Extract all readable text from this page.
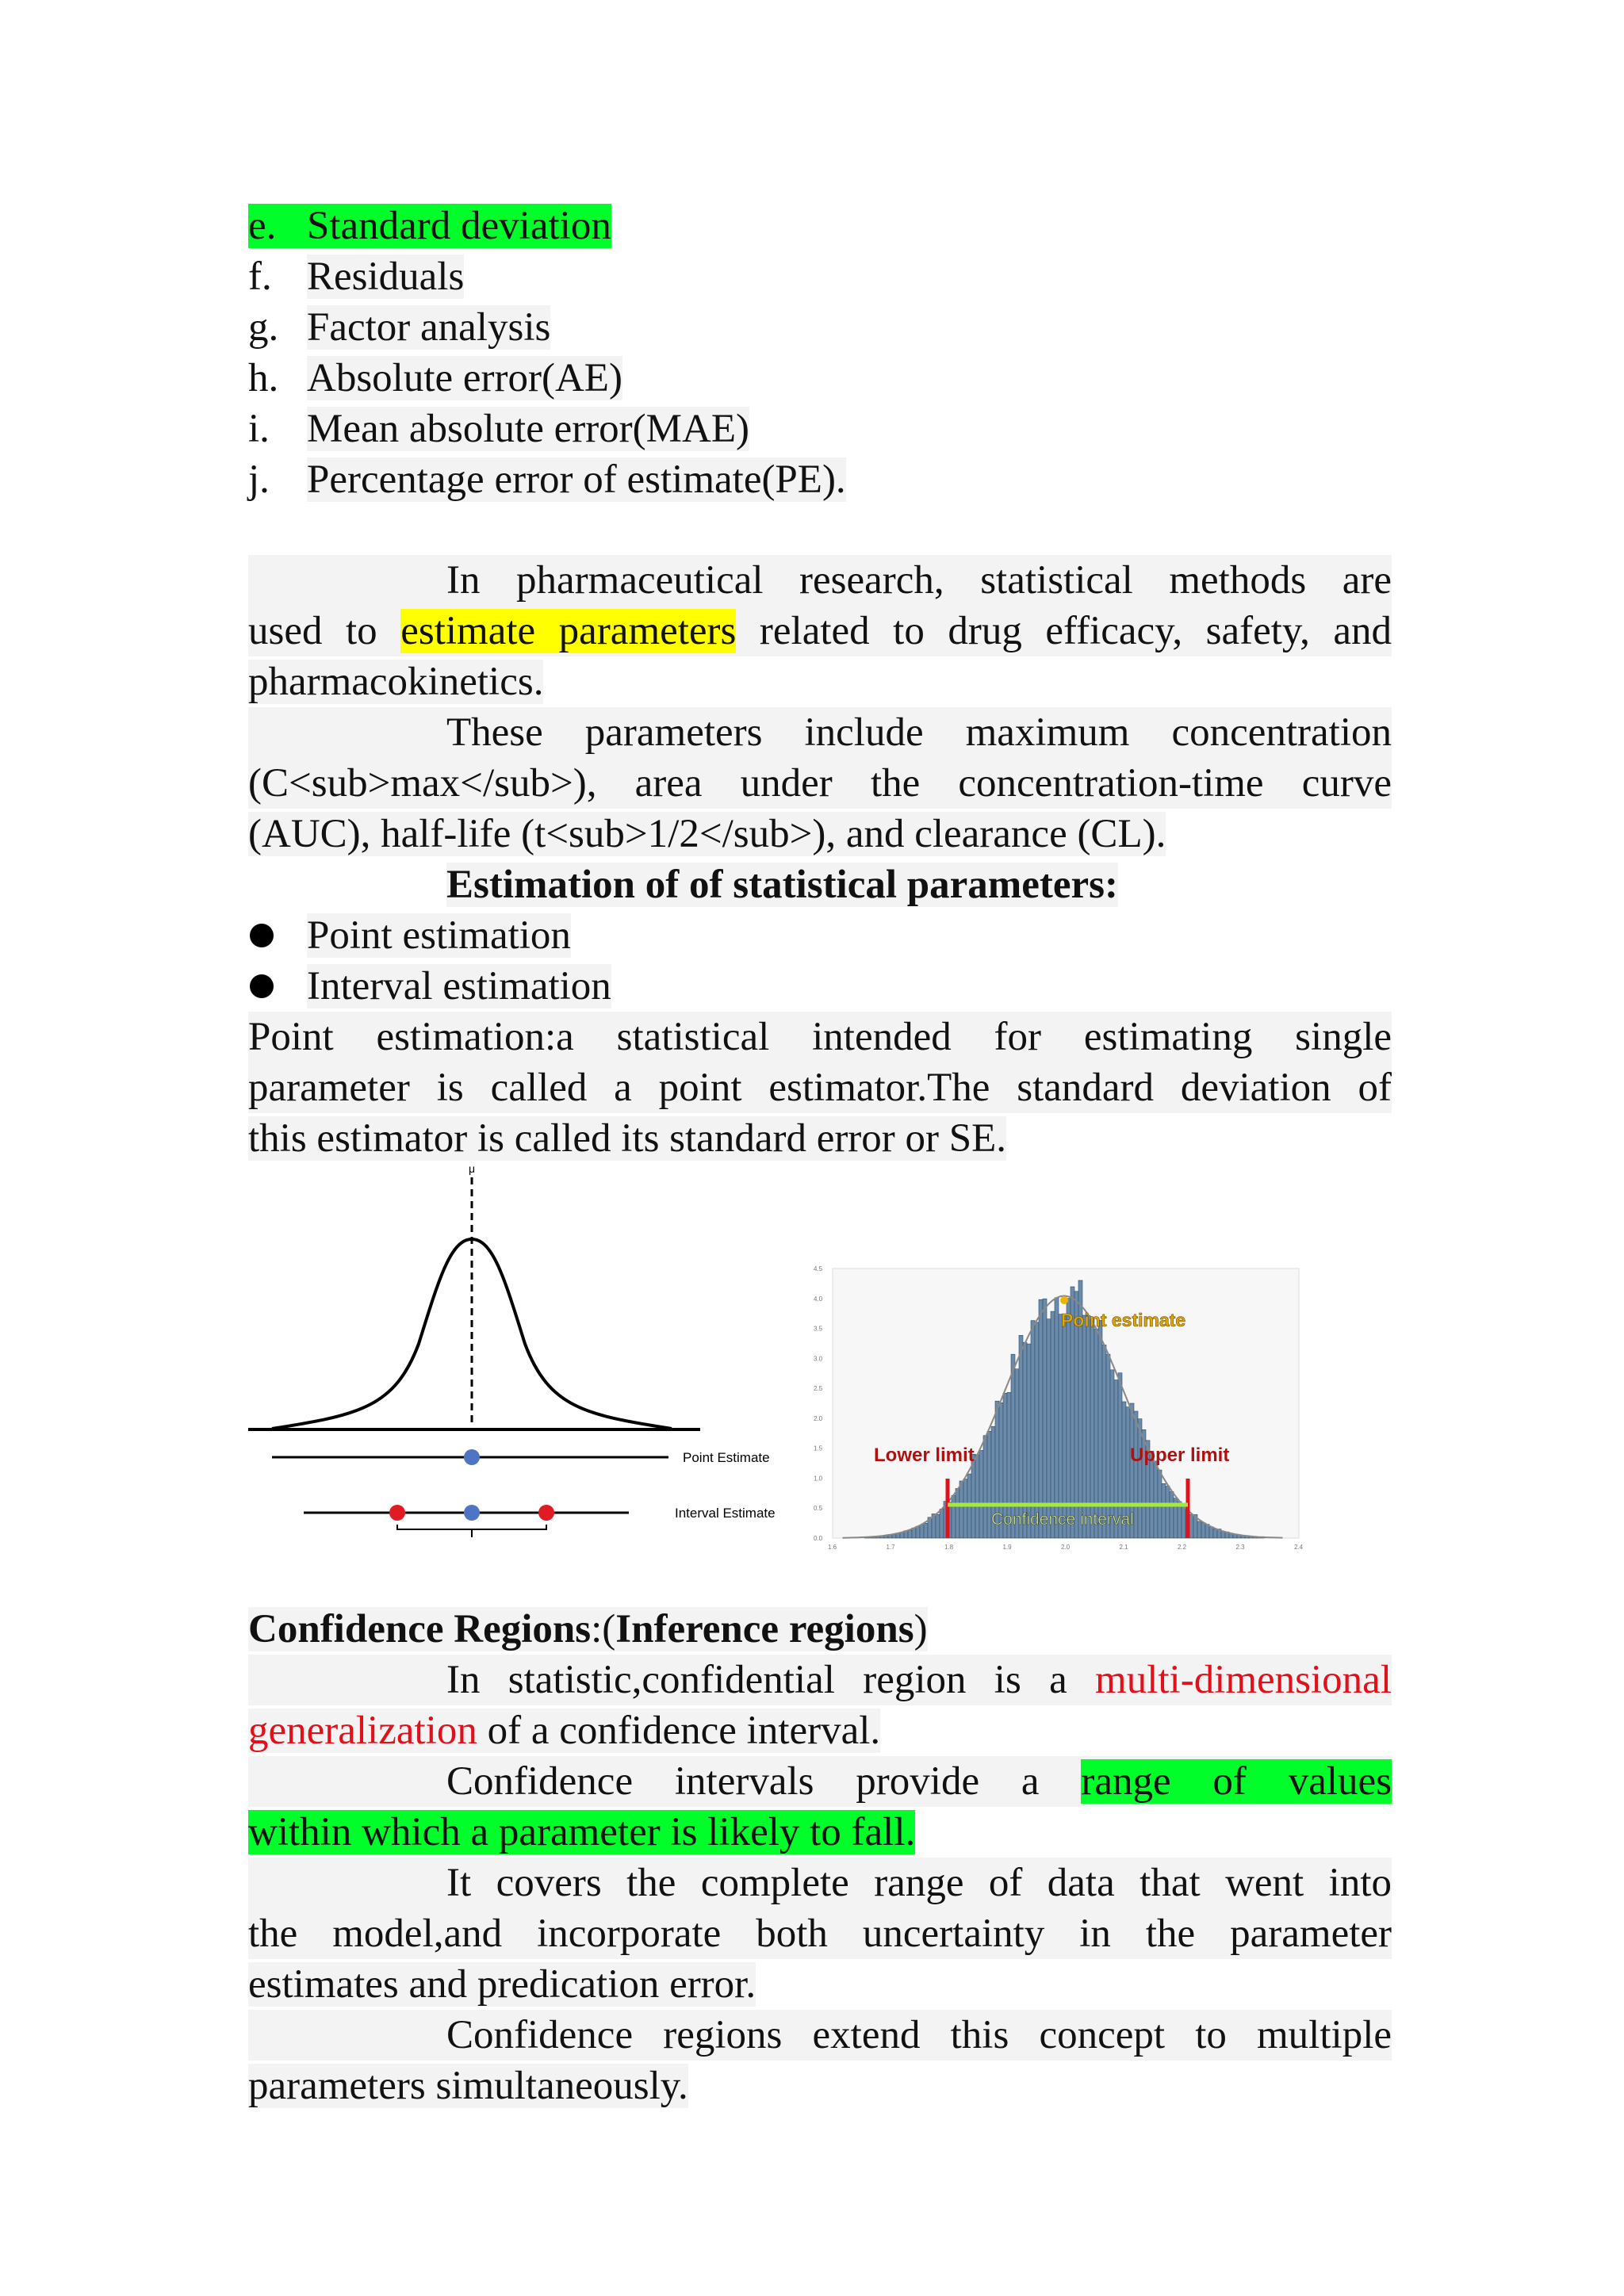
e. Standard deviation
f. Residuals
g. Factor analysis
h. Absolute error(AE)
i. Mean absolute error(MAE)
j. Percentage error of estimate(PE).
In pharmaceutical research, statistical methods are
used to estimate parameters related to drug efficacy, safety, and
pharmacokinetics.
These parameters include maximum concentration
(C<sub>max</sub>), area under the concentration-time curve
(AUC), half-life (t<sub>1/2</sub>), and clearance (CL).
Estimation of of statistical parameters:
Point estimation
Interval estimation
Point estimation:a statistical intended for estimating single
parameter is called a point estimator.The standard deviation of
this estimator is called its standard error or SE.
μ
Point Estimate
Interval Estimate
0.0
0.5
1.0
1.5
2.0
2.5
3.0
3.5
4.0
4.5
1.6	1.7	1.8	1.9	2.0	2.1	2.2	2.3	2.4
Point estimate
Lower limit	Upper limit
Confidence interval
Confidence Regions:(Inference regions)
In statistic,confidential region is a multi-dimensional
generalization of a confidence interval.
Confidence intervals provide a range of values
within which a parameter is likely to fall.
It covers the complete range of data that went into
the model,and incorporate both uncertainty in the parameter
estimates and predication error.
Confidence regions extend this concept to multiple
parameters simultaneously.
